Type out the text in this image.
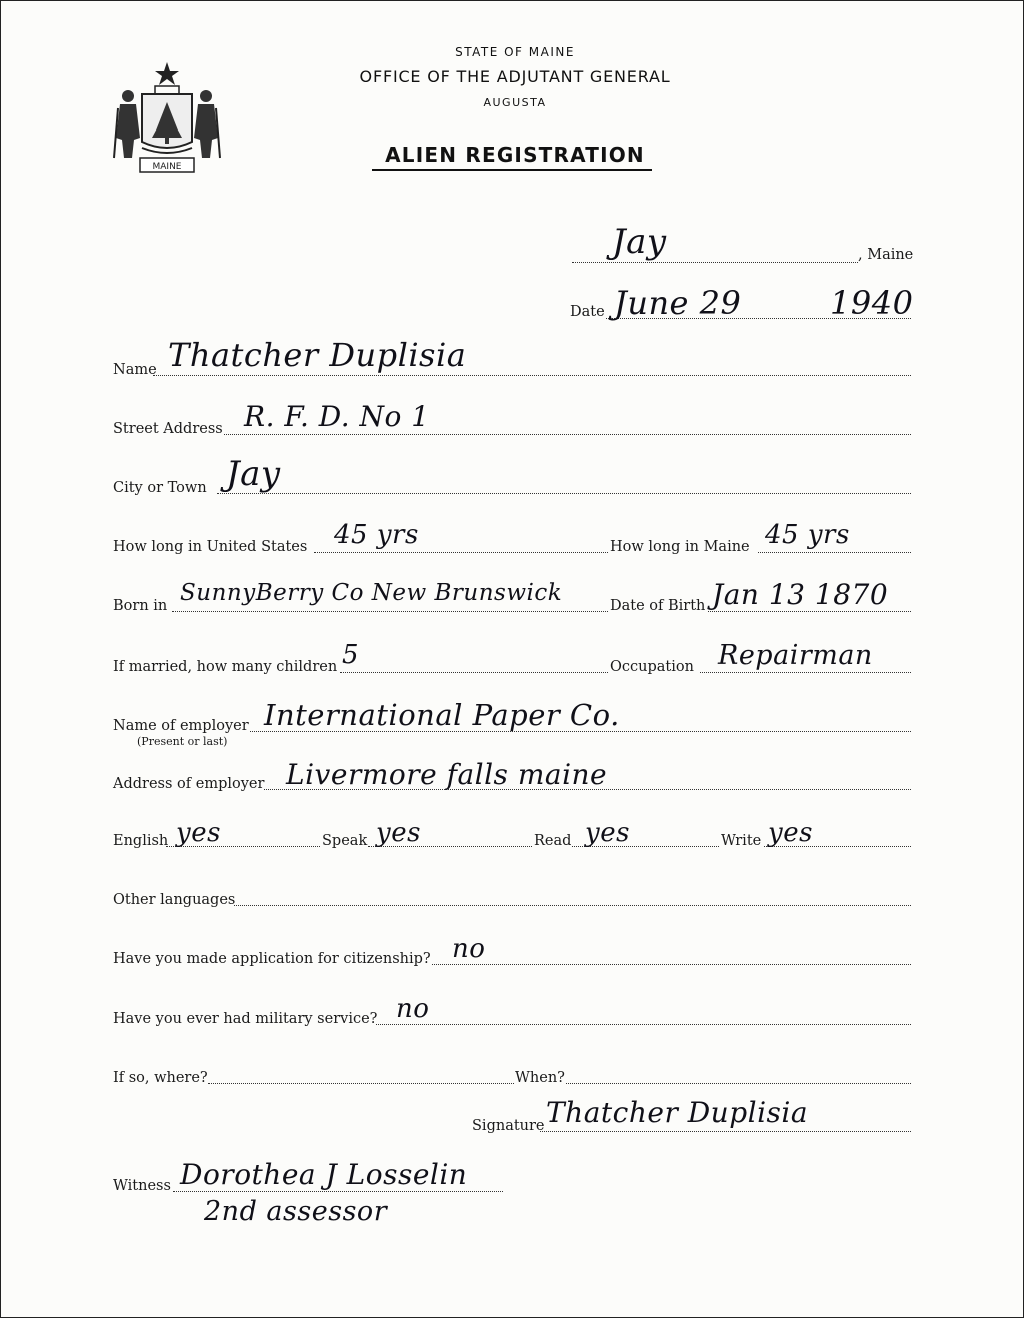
MAINE
STATE OF MAINE
OFFICE OF THE ADJUTANT GENERAL
AUGUSTA
ALIEN REGISTRATION
Jay	, Maine
Date June 29	1940
Name Thatcher Duplisia
Street Address R. F. D. No 1
City or Town Jay
How long in United States 45 yrs	How long in Maine 45 yrs
Born in SunnyBerry Co New Brunswick	Date of Birth Jan 13 1870
If married, how many children 5	Occupation Repairman
Name of employer
(Present or last)
International Paper Co.
Address of employer Livermore falls maine
English yes	Speak yes	Read yes	Write yes
Other languages
Have you made application for citizenship? no
Have you ever had military service? no
If so, where?	When?
Signature Thatcher Duplisia
Witness Dorothea J Losselin
2nd assessor
